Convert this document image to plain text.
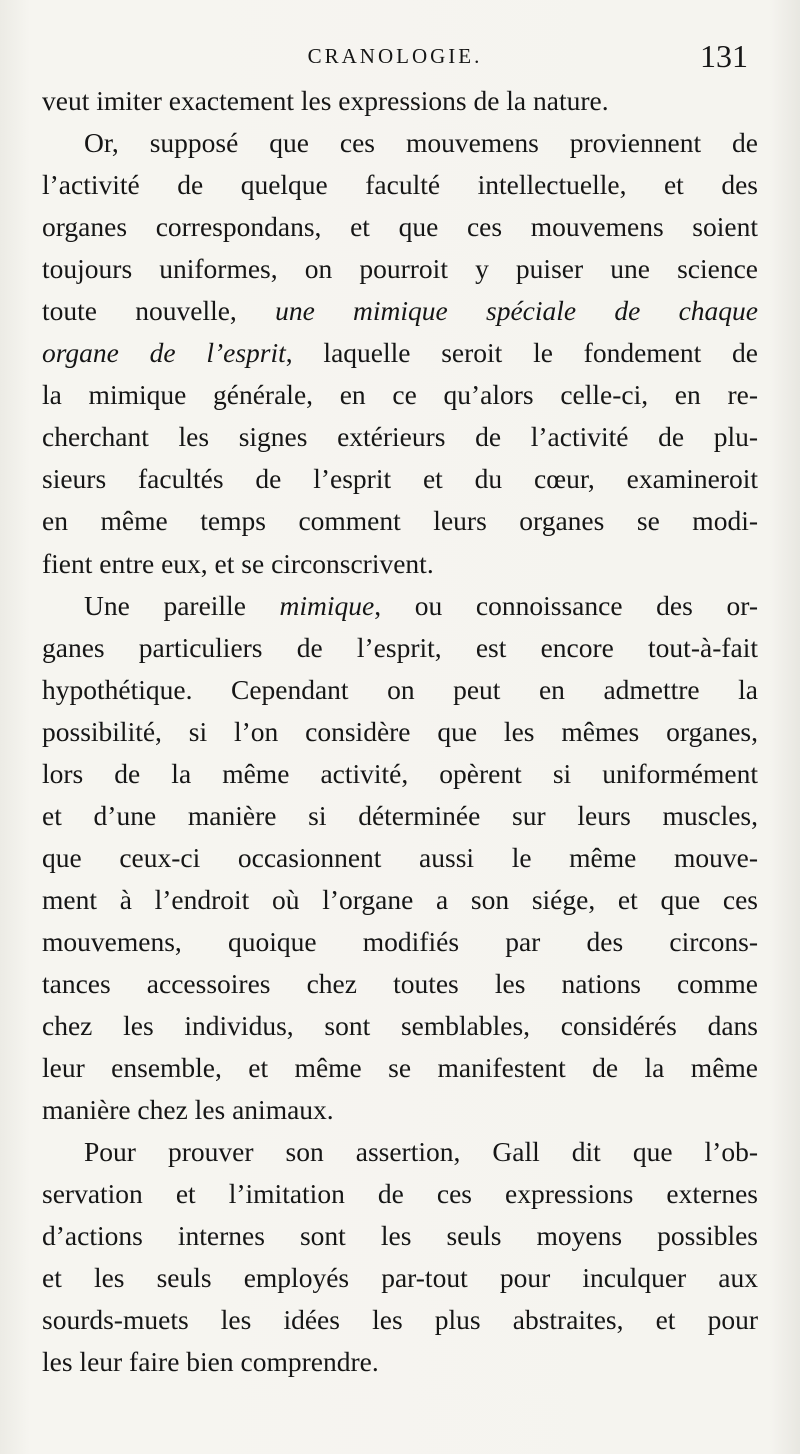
CRANOLOGIE.	131
veut imiter exactement les expressions de la nature.
Or, supposé que ces mouvemens proviennent de
l’activité de quelque faculté intellectuelle, et des
organes correspondans, et que ces mouvemens soient
toujours uniformes, on pourroit y puiser une science
toute nouvelle, une mimique spéciale de chaque
organe de l’esprit, laquelle seroit le fondement de
la mimique générale, en ce qu’alors celle-ci, en re-
cherchant les signes extérieurs de l’activité de plu-
sieurs facultés de l’esprit et du cœur, examineroit
en même temps comment leurs organes se modi-
fient entre eux, et se circonscrivent.
Une pareille mimique, ou connoissance des or-
ganes particuliers de l’esprit, est encore tout-à-fait
hypothétique. Cependant on peut en admettre la
possibilité, si l’on considère que les mêmes organes,
lors de la même activité, opèrent si uniformément
et d’une manière si déterminée sur leurs muscles,
que ceux-ci occasionnent aussi le même mouve-
ment à l’endroit où l’organe a son siége, et que ces
mouvemens, quoique modifiés par des circons-
tances accessoires chez toutes les nations comme
chez les individus, sont semblables, considérés dans
leur ensemble, et même se manifestent de la même
manière chez les animaux.
Pour prouver son assertion, Gall dit que l’ob-
servation et l’imitation de ces expressions externes
d’actions internes sont les seuls moyens possibles
et les seuls employés par-tout pour inculquer aux
sourds-muets les idées les plus abstraites, et pour
les leur faire bien comprendre.
